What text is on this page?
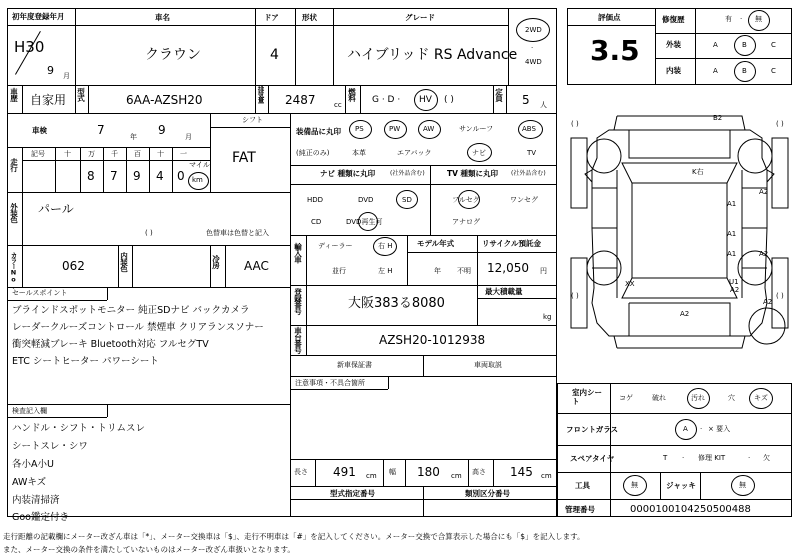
初年度登録年月
H30
9 月
車名
クラウン
ドア
4
形状	グレード
ハイブリッド RS Advance
2WD
·
4WD
車歴 自家用 型式	6AA-AZSH20	排気量 2487	cc
燃料 G · D · HV ( )	定員 5 人
車検	7	年 9	月
シフト
FAT
走行
記号	十 万 千 百 十 一
8 7 9 4 0
マイル
km
外装色 パール
( )	色替車は色替と記入
カラーNo.	062	内装色	冷房 AAC
セールスポイント
ブラインドスポットモニター 純正SDナビ バックカメラ
レーダークルーズコントロール 禁煙車 クリアランスソナー
衝突軽減ブレーキ Bluetooth対応 フルセグTV
ETC シートヒーター パワーシート
検査記入欄
ハンドル・シフト・トリムスレ
シートスレ・シワ
各小A小U
AWキズ
内装清掃済
Goo鑑定付き
装備品に丸印
(純正のみ)
PS	PW	AW	サンルーフ	ABS
本革	エアバック	ナビ	TV
ナビ 種類に丸印 (社外品含む)
HDD	DVD	SD
CD	DVD再生可
TV 種類に丸印 (社外品含む)
フルセグ	ワンセグ
アナログ
輸入車 ディーラー
並行
右 H
左 H
モデル年式
年 不明
リサイクル預託金
12,050 円
登録番号	大阪383る8080
最大積載量
kg
車台番号	AZSH20-1012938
新車保証書	車両取説
注意事項・不具合箇所
長さ 491 cm 幅 180 cm 高さ 145 cm
型式指定番号	類別区分番号
評価点
3.5
修復歴	有 · 無
外装	A	B	C
内装	A	B	C
B2
A2
A1
A1
A1	A2
A2
XX	U1
A2
A2
K右
( )	( )
( )	( )
室内シート	コゲ	破れ	汚れ	穴	キズ
フロントガラス	A · × 要入
スペアタイヤ	T · 修理 KIT	· 欠
工具	無	ジャッキ	無
管理番号	0000100104250500488
走行距離の記載欄にメーター改ざん車は「*」、メーター交換車は「$」、走行不明車は「#」を記入してください。メーター交換で合算表示した場合にも「$」を記入します。
また、メーター交換の条件を満たしていないものはメーター改ざん車扱いとなります。
